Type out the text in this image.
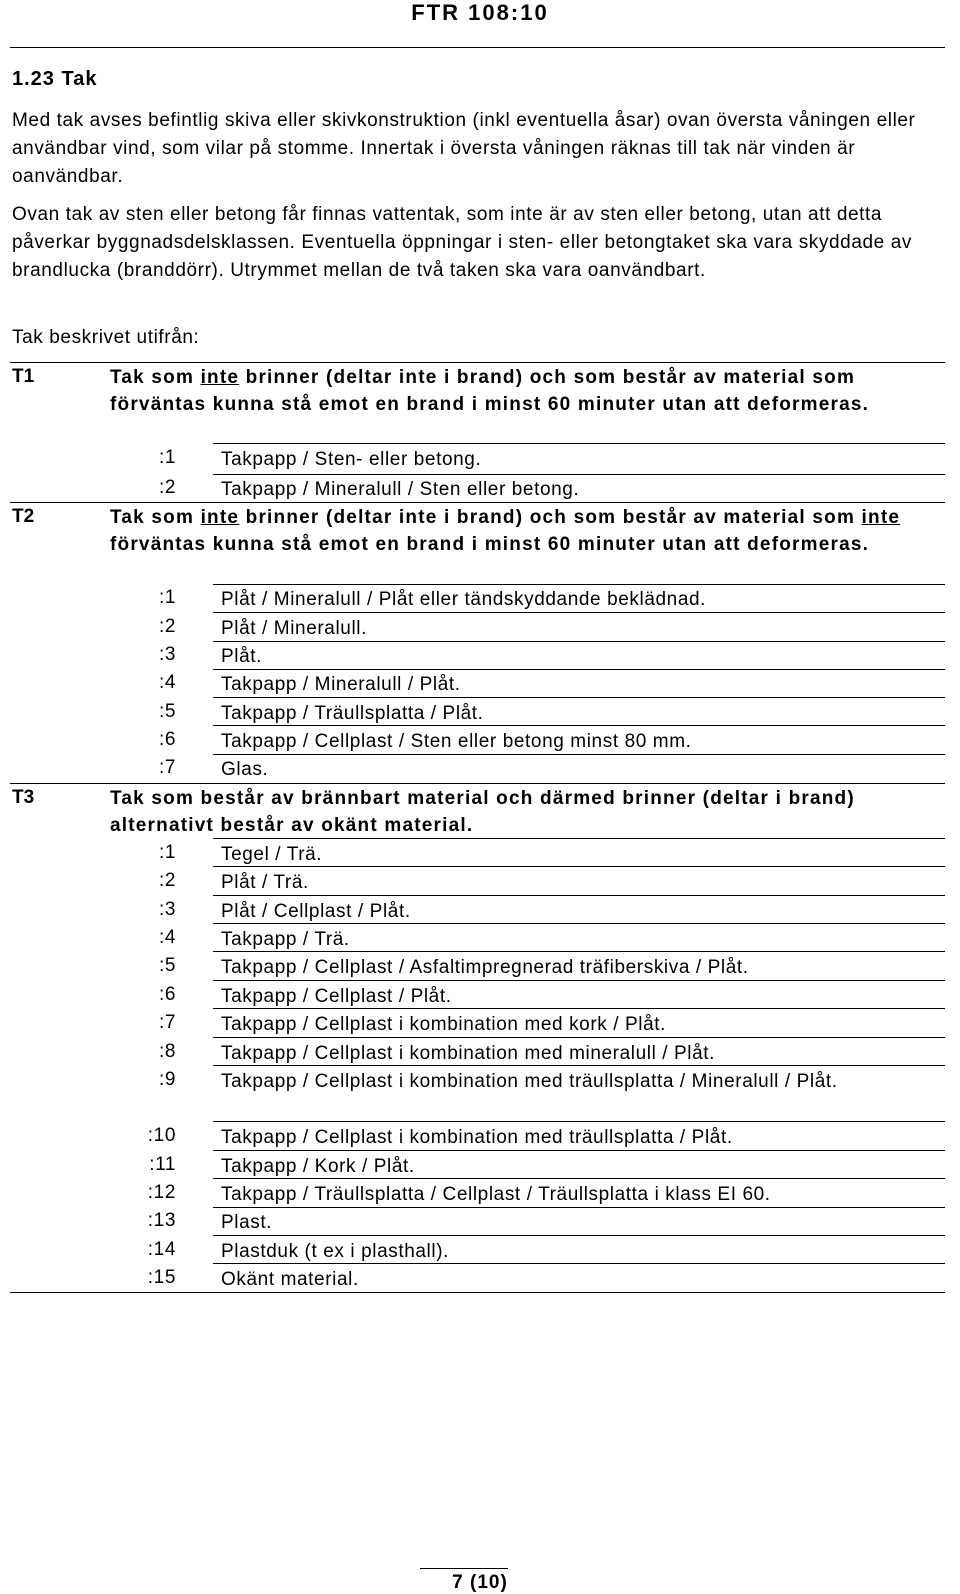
FTR 108:10
1.23 Tak
Med tak avses befintlig skiva eller skivkonstruktion (inkl eventuella åsar) ovan översta våningen eller användbar vind, som vilar på stomme. Innertak i översta våningen räknas till tak när vinden är oanvändbar.
Ovan tak av sten eller betong får finnas vattentak, som inte är av sten eller betong, utan att detta påverkar byggnadsdelsklassen. Eventuella öppningar i sten- eller betongtaket ska vara skyddade av brandlucka (branddörr). Utrymmet mellan de två taken ska vara oanvändbart.
Tak beskrivet utifrån:
T1	Tak som inte brinner (deltar inte i brand) och som består av material som förväntas kunna stå emot en brand i minst 60 minuter utan att deformeras.
:1 Takpapp / Sten- eller betong.
:2 Takpapp / Mineralull / Sten eller betong.
T2	Tak som inte brinner (deltar inte i brand) och som består av material som inte förväntas kunna stå emot en brand i minst 60 minuter utan att deformeras.
:1 Plåt / Mineralull / Plåt eller tändskyddande beklädnad.
:2 Plåt / Mineralull.
:3 Plåt.
:4 Takpapp / Mineralull / Plåt.
:5 Takpapp / Träullsplatta / Plåt.
:6 Takpapp / Cellplast / Sten eller betong minst 80 mm.
:7 Glas.
T3	Tak som består av brännbart material och därmed brinner (deltar i brand) alternativt består av okänt material.
:1 Tegel / Trä.
:2 Plåt / Trä.
:3 Plåt / Cellplast / Plåt.
:4 Takpapp / Trä.
:5 Takpapp / Cellplast / Asfaltimpregnerad träfiberskiva / Plåt.
:6 Takpapp / Cellplast / Plåt.
:7 Takpapp / Cellplast i kombination med kork / Plåt.
:8 Takpapp / Cellplast i kombination med mineralull / Plåt.
:9 Takpapp / Cellplast i kombination med träullsplatta / Mineralull / Plåt.
:10 Takpapp / Cellplast i kombination med träullsplatta / Plåt.
:11 Takpapp / Kork / Plåt.
:12 Takpapp / Träullsplatta / Cellplast / Träullsplatta i klass EI 60.
:13 Plast.
:14 Plastduk (t ex i plasthall).
:15 Okänt material.
7 (10)
